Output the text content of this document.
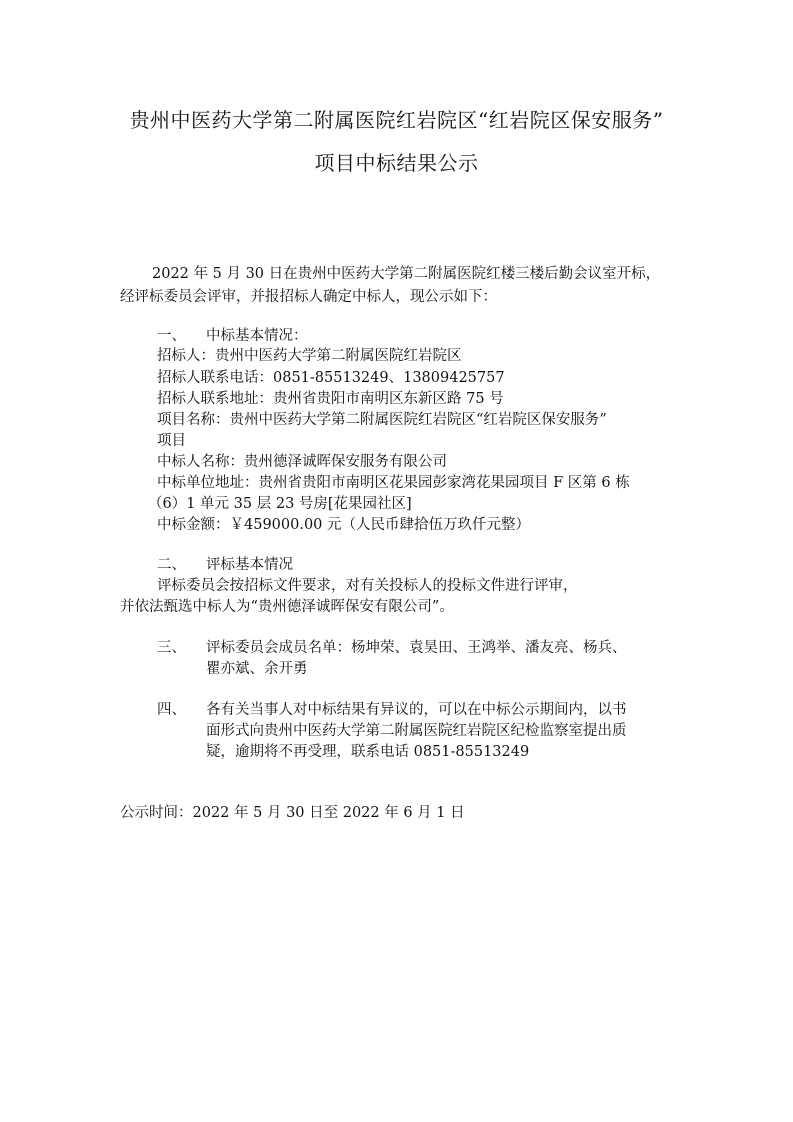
贵州中医药大学第二附属医院红岩院区“红岩院区保安服务”
项目中标结果公示
2022 年 5 月 30 日在贵州中医药大学第二附属医院红楼三楼后勤会议室开标，
经评标委员会评审，并报招标人确定中标人，现公示如下：
一、 中标基本情况：
招标人：贵州中医药大学第二附属医院红岩院区
招标人联系电话：0851-85513249、13809425757
招标人联系地址：贵州省贵阳市南明区东新区路 75 号
项目名称：贵州中医药大学第二附属医院红岩院区“红岩院区保安服务”
项目
中标人名称：贵州德泽诚晖保安服务有限公司
中标单位地址：贵州省贵阳市南明区花果园彭家湾花果园项目 F 区第 6 栋
（6）1 单元 35 层 23 号房[花果园社区]
中标金额：￥459000.00 元（人民币肆拾伍万玖仟元整）
二、 评标基本情况
评标委员会按招标文件要求，对有关投标人的投标文件进行评审，
并依法甄选中标人为“贵州德泽诚晖保安有限公司”。
三、 评标委员会成员名单：杨坤荣、袁昊田、王鸿举、潘友亮、杨兵、
瞿亦斌、余开勇
四、 各有关当事人对中标结果有异议的，可以在中标公示期间内，以书
面形式向贵州中医药大学第二附属医院红岩院区纪检监察室提出质
疑，逾期将不再受理，联系电话 0851-85513249
公示时间：2022 年 5 月 30 日至 2022 年 6 月 1 日
